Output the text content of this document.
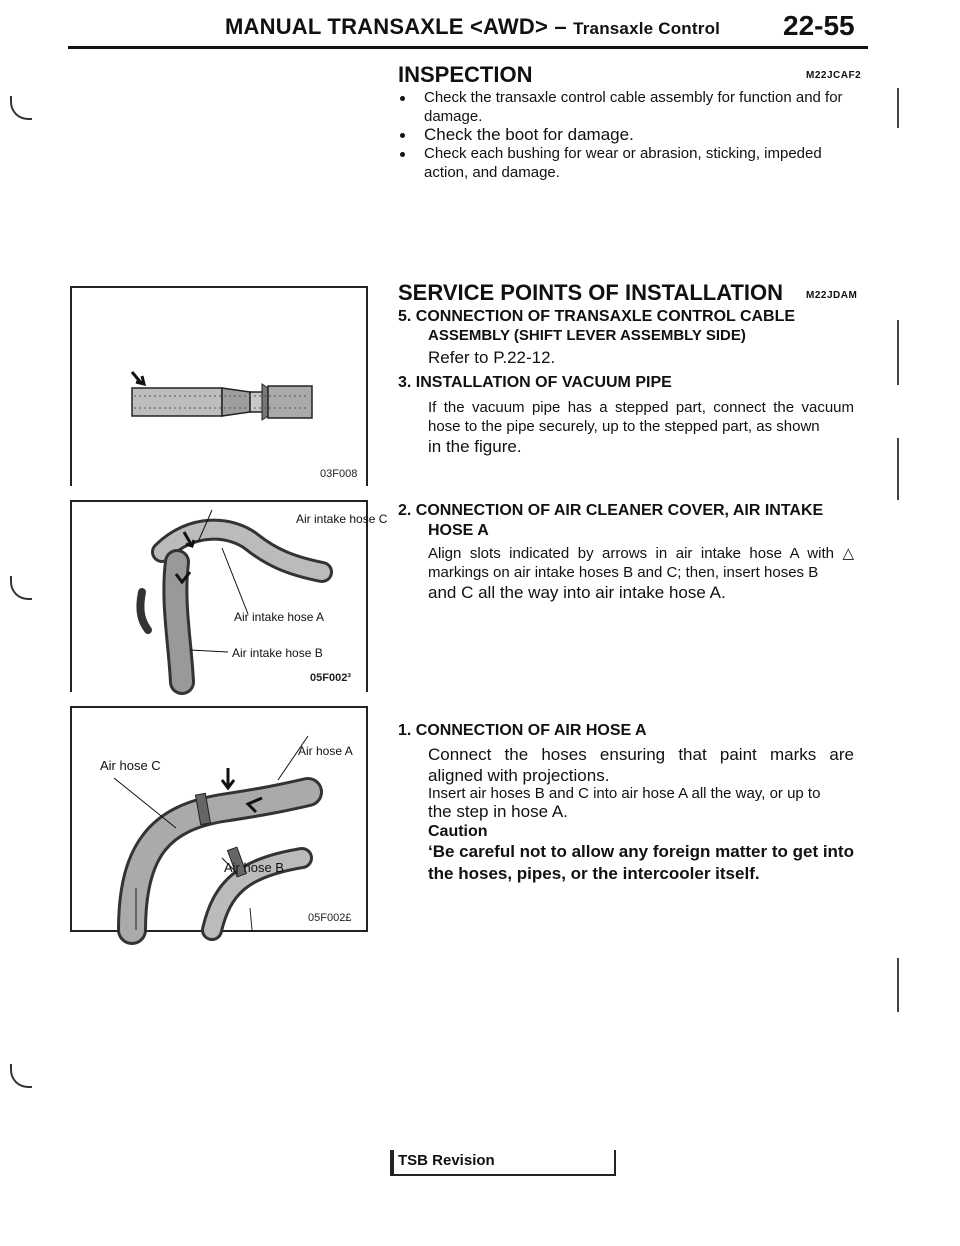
MANUAL TRANSAXLE <AWD> – Transaxle Control 22-55
INSPECTION	M22JCAF2
Check the transaxle control cable assembly for function and for damage.
Check the boot for damage.
Check each bushing for wear or abrasion, sticking, impeded action, and damage.
SERVICE POINTS OF INSTALLATION M22JDAM
5. CONNECTION OF TRANSAXLE CONTROL CABLE
ASSEMBLY (SHIFT LEVER ASSEMBLY SIDE)
Refer to P.22-12.
3. INSTALLATION OF VACUUM PIPE
If the vacuum pipe has a stepped part, connect the vacuum hose to the pipe securely, up to the stepped part, as shown
in the figure.
2. CONNECTION OF AIR CLEANER COVER, AIR INTAKE
HOSE A
Align slots indicated by arrows in air intake hose A with △ markings on air intake hoses B and C; then, insert hoses B
and C all the way into air intake hose A.
1. CONNECTION OF AIR HOSE A
Connect the hoses ensuring that paint marks are aligned with projections.
Insert air hoses B and C into air hose A all the way, or up to
the step in hose A.
Caution
‘Be careful not to allow any foreign matter to get into the hoses, pipes, or the intercooler itself.
03F008
Air intake hose C
Air intake hose A
Air intake hose B
05F002³
Air hose C
Air hose A
Air hose B
05F002£
TSB Revision
